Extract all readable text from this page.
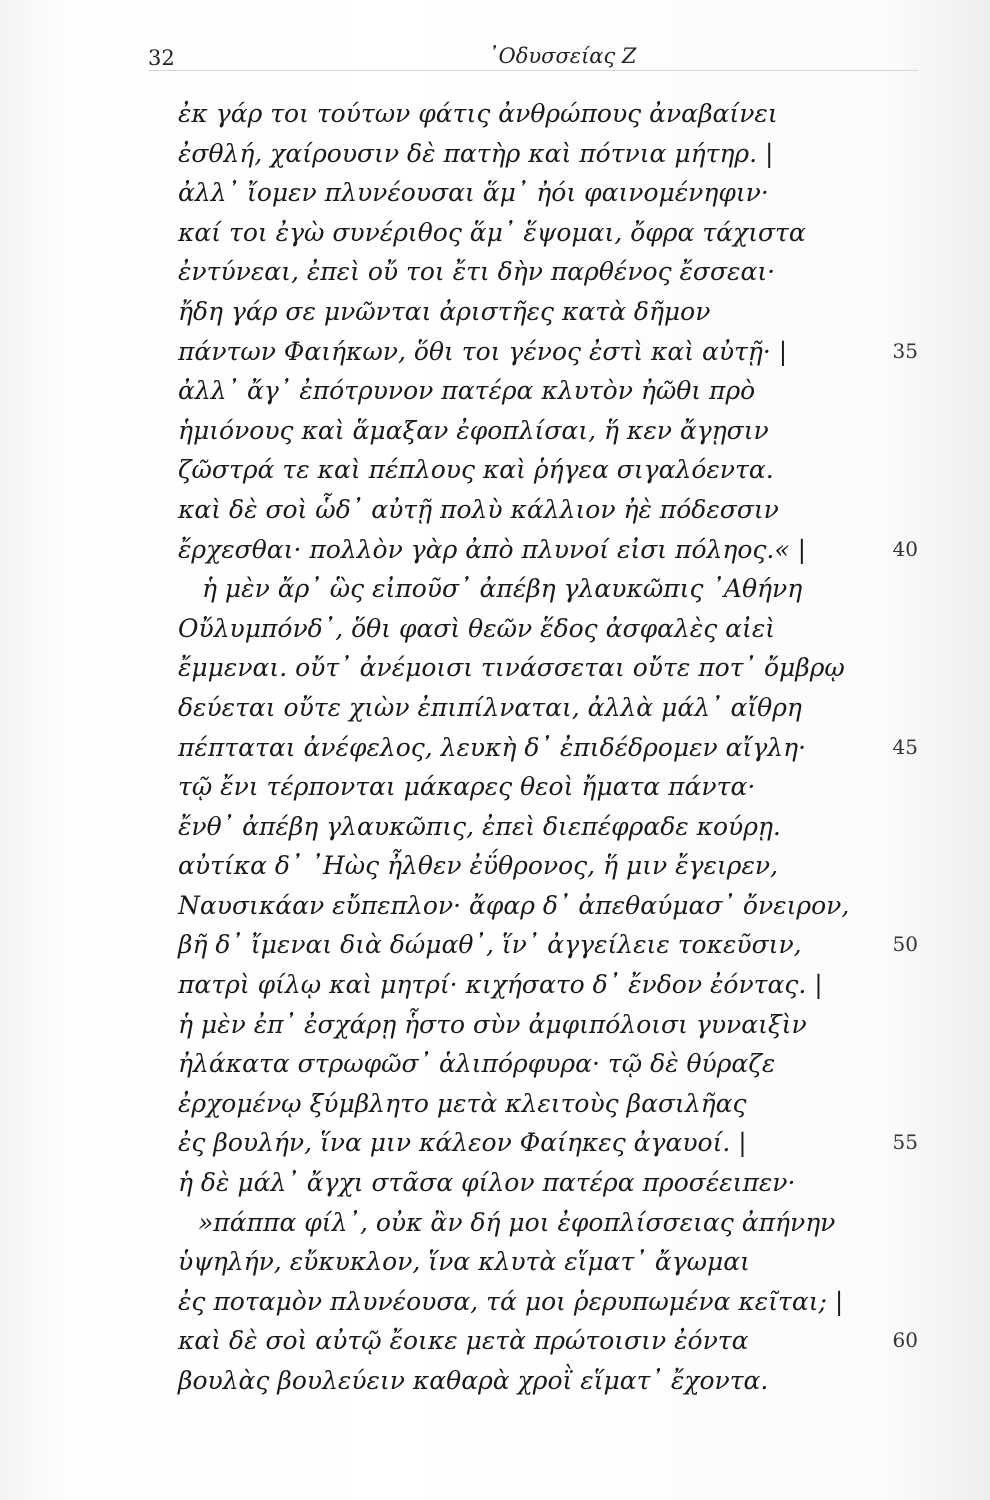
32	᾽Οδυσσείας Ζ
ἐκ γάρ τοι τούτων φάτις ἀνθρώπους ἀναβαίνει
ἐσθλή, χαίρουσιν δὲ πατὴρ καὶ πότνια μήτηρ. |
ἀλλ᾽ ἴομεν πλυνέουσαι ἅμ᾽ ἠόι φαινομένηφιν·
καί τοι ἐγὼ συνέριθος ἅμ᾽ ἕψομαι, ὄφρα τάχιστα
ἐντύνεαι, ἐπεὶ οὔ τοι ἔτι δὴν παρθένος ἔσσεαι·
ἤδη γάρ σε μνῶνται ἀριστῆες κατὰ δῆμον
πάντων Φαιήκων, ὅθι τοι γένος ἐστὶ καὶ αὐτῇ· |	35
ἀλλ᾽ ἄγ᾽ ἐπότρυνον πατέρα κλυτὸν ἠῶθι πρὸ
ἡμιόνους καὶ ἅμαξαν ἐφοπλίσαι, ἥ κεν ἄγῃσιν
ζῶστρά τε καὶ πέπλους καὶ ῥήγεα σιγαλόεντα.
καὶ δὲ σοὶ ὧδ᾽ αὐτῇ πολὺ κάλλιον ἠὲ πόδεσσιν
ἔρχεσθαι· πολλὸν γὰρ ἀπὸ πλυνοί εἰσι πόληος.« |	40
ἡ μὲν ἄρ᾽ ὣς εἰποῦσ᾽ ἀπέβη γλαυκῶπις ᾽Αθήνη
Οὔλυμπόνδ᾽, ὅθι φασὶ θεῶν ἕδος ἀσφαλὲς αἰεὶ
ἔμμεναι. οὔτ᾽ ἀνέμοισι τινάσσεται οὔτε ποτ᾽ ὄμβρῳ
δεύεται οὔτε χιὼν ἐπιπίλναται, ἀλλὰ μάλ᾽ αἴθρη
πέπταται ἀνέφελος, λευκὴ δ᾽ ἐπιδέδρομεν αἴγλη·	45
τῷ ἔνι τέρπονται μάκαρες θεοὶ ἤματα πάντα·
ἔνθ᾽ ἀπέβη γλαυκῶπις, ἐπεὶ διεπέφραδε κούρῃ.
αὐτίκα δ᾽ ᾽Ηὼς ἦλθεν ἐΰθρονος, ἥ μιν ἔγειρεν,
Ναυσικάαν εὔπεπλον· ἄφαρ δ᾽ ἀπεθαύμασ᾽ ὄνειρον,
βῆ δ᾽ ἴμεναι διὰ δώμαθ᾽, ἵν᾽ ἀγγείλειε τοκεῦσιν,	50
πατρὶ φίλῳ καὶ μητρί· κιχήσατο δ᾽ ἔνδον ἐόντας. |
ἡ μὲν ἐπ᾽ ἐσχάρῃ ἧστο σὺν ἀμφιπόλοισι γυναιξὶν
ἠλάκατα στρωφῶσ᾽ ἁλιπόρφυρα· τῷ δὲ θύραζε
ἐρχομένῳ ξύμβλητο μετὰ κλειτοὺς βασιλῆας
ἐς βουλήν, ἵνα μιν κάλεον Φαίηκες ἀγαυοί. |	55
ἡ δὲ μάλ᾽ ἄγχι στᾶσα φίλον πατέρα προσέειπεν·
»πάππα φίλ᾽, οὐκ ἂν δή μοι ἐφοπλίσσειας ἀπήνην
ὑψηλήν, εὔκυκλον, ἵνα κλυτὰ εἵματ᾽ ἄγωμαι
ἐς ποταμὸν πλυνέουσα, τά μοι ῥερυπωμένα κεῖται; |
καὶ δὲ σοὶ αὐτῷ ἔοικε μετὰ πρώτοισιν ἐόντα	60
βουλὰς βουλεύειν καθαρὰ χροῒ εἵματ᾽ ἔχοντα.
